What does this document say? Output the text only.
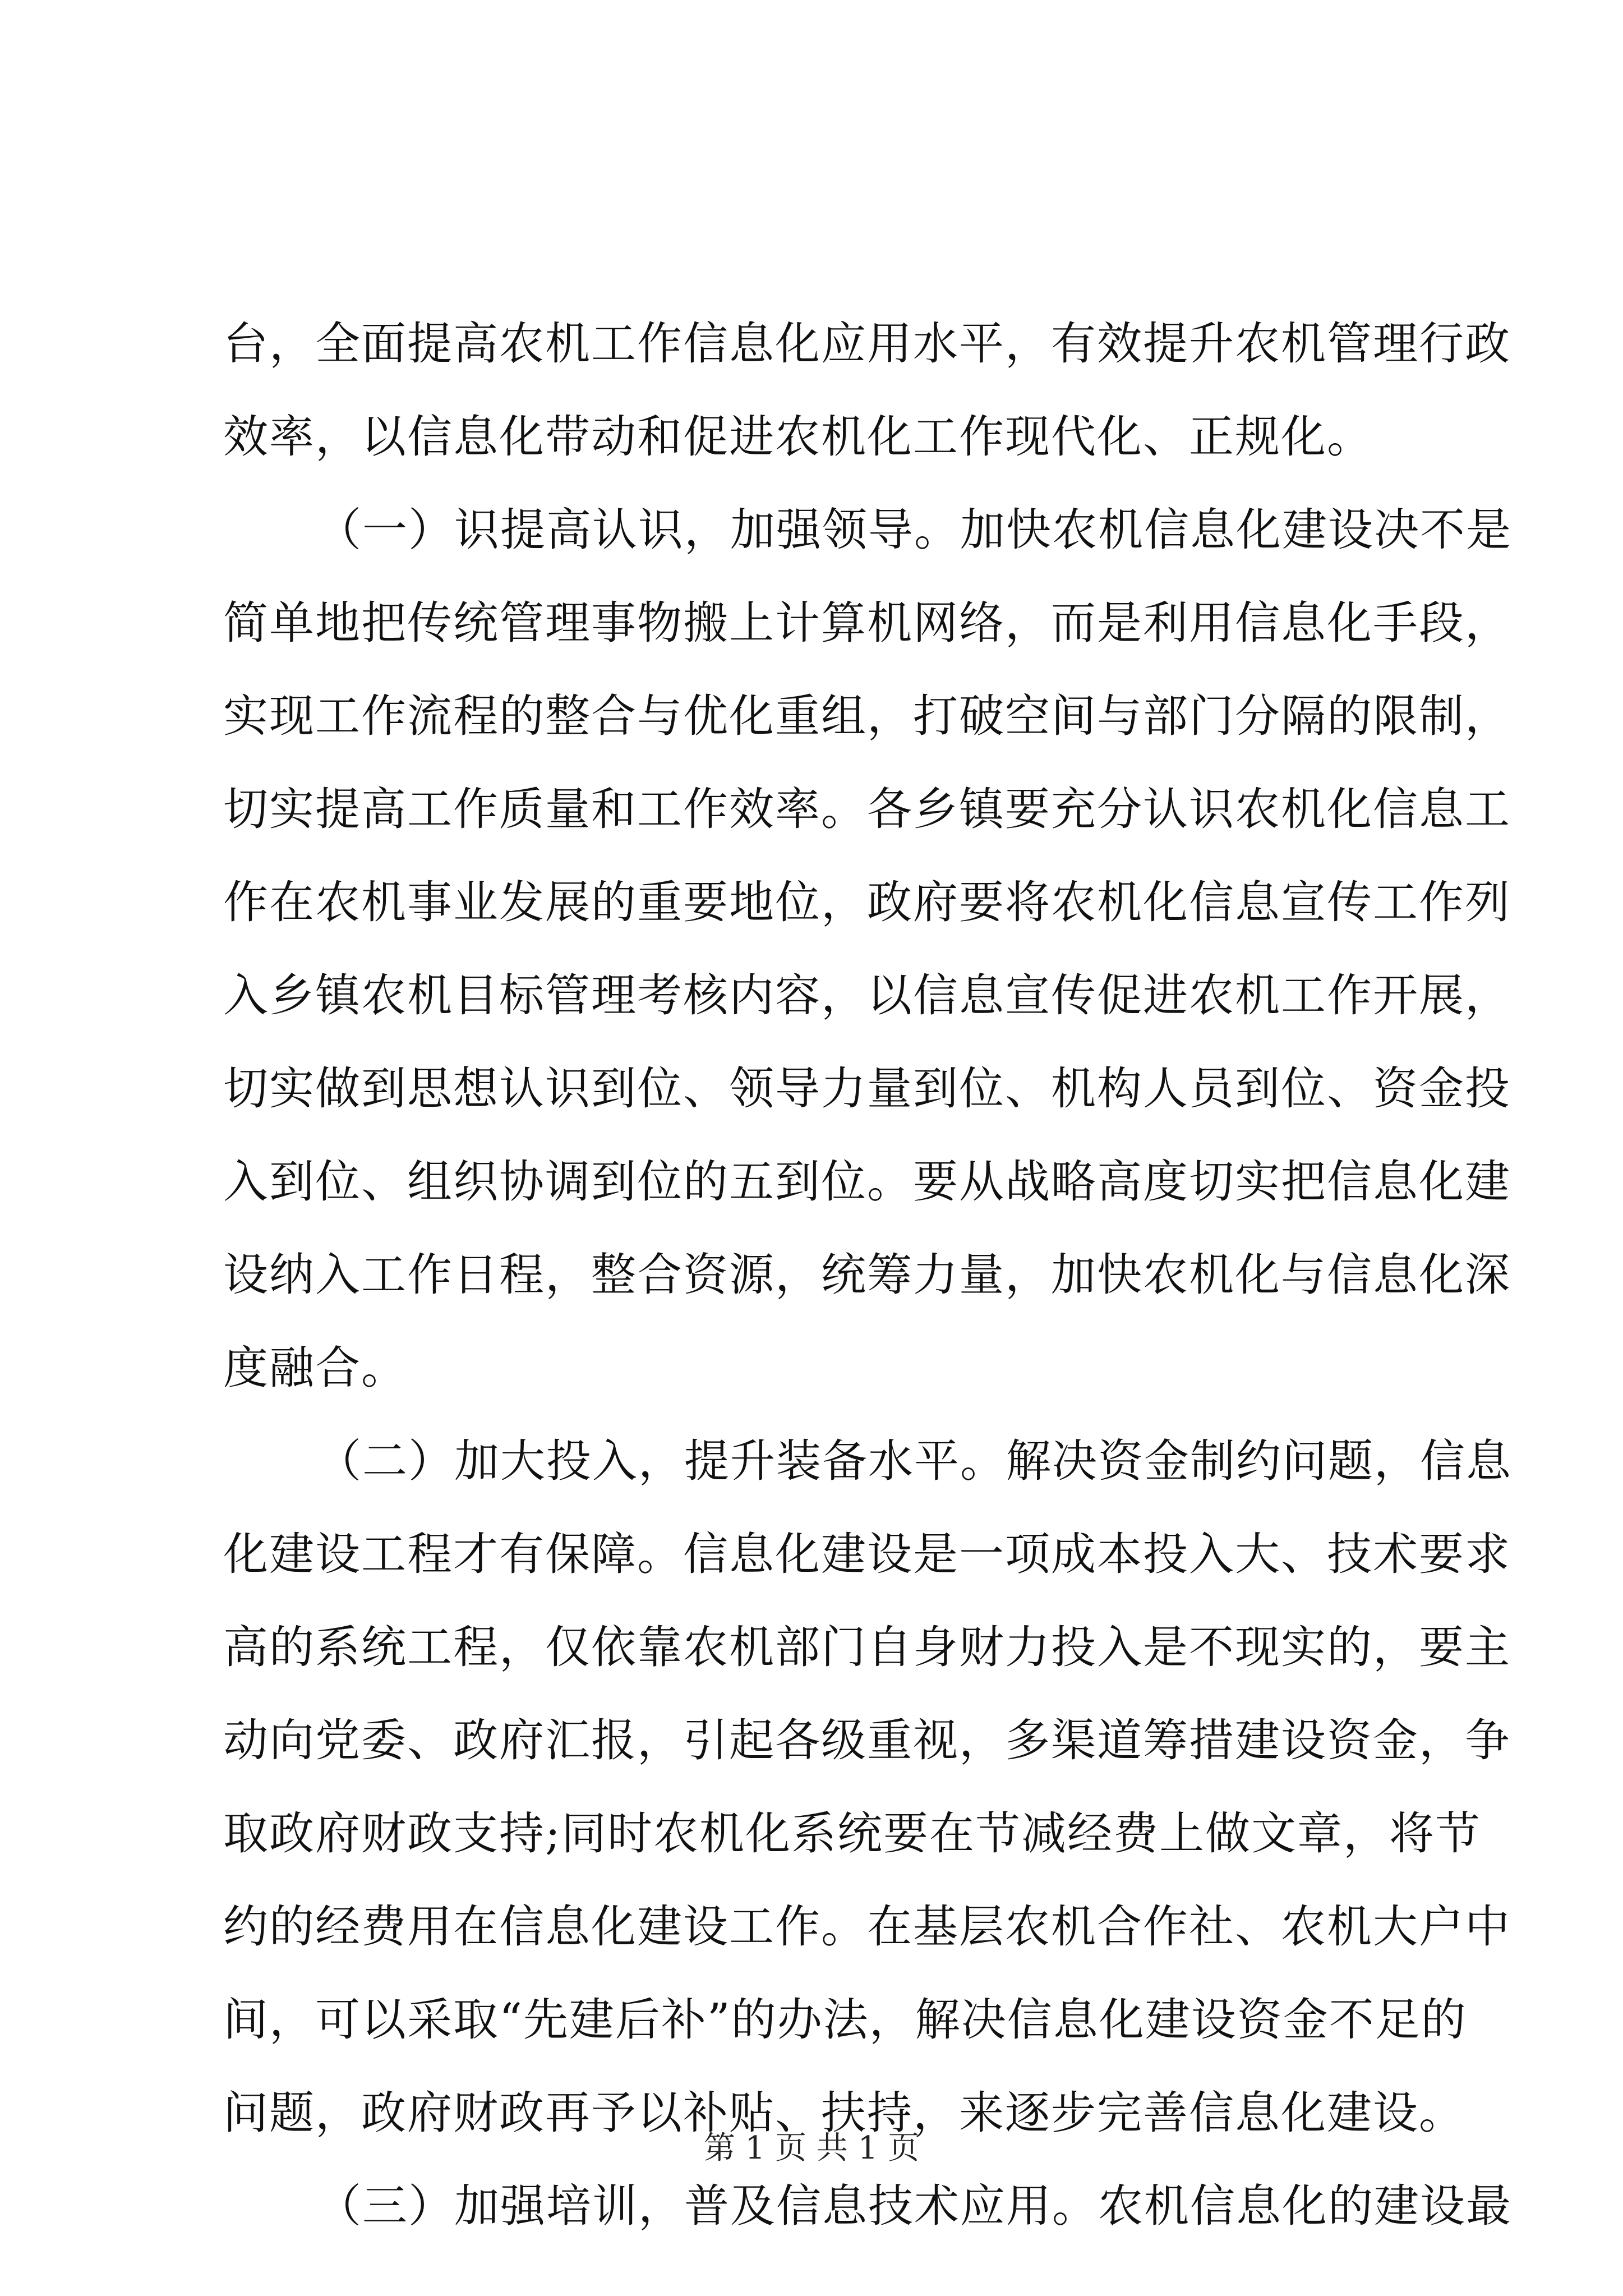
台，全面提高农机工作信息化应用水平，有效提升农机管理行政
效率，以信息化带动和促进农机化工作现代化、正规化。
（一）识提高认识，加强领导。加快农机信息化建设决不是
简单地把传统管理事物搬上计算机网络，而是利用信息化手段，
实现工作流程的整合与优化重组，打破空间与部门分隔的限制，
切实提高工作质量和工作效率。各乡镇要充分认识农机化信息工
作在农机事业发展的重要地位，政府要将农机化信息宣传工作列
入乡镇农机目标管理考核内容，以信息宣传促进农机工作开展，
切实做到思想认识到位、领导力量到位、机构人员到位、资金投
入到位、组织协调到位的五到位。要从战略高度切实把信息化建
设纳入工作日程，整合资源，统筹力量，加快农机化与信息化深
度融合。
（二）加大投入，提升装备水平。解决资金制约问题，信息
化建设工程才有保障。信息化建设是一项成本投入大、技术要求
高的系统工程，仅依靠农机部门自身财力投入是不现实的，要主
动向党委、政府汇报，引起各级重视，多渠道筹措建设资金，争
取政府财政支持;同时农机化系统要在节减经费上做文章，将节
约的经费用在信息化建设工作。在基层农机合作社、农机大户中
间，可以采取“先建后补”的办法，解决信息化建设资金不足的
问题，政府财政再予以补贴、扶持，来逐步完善信息化建设。
（三）加强培训，普及信息技术应用。农机信息化的建设最
第 1 页 共 1 页
